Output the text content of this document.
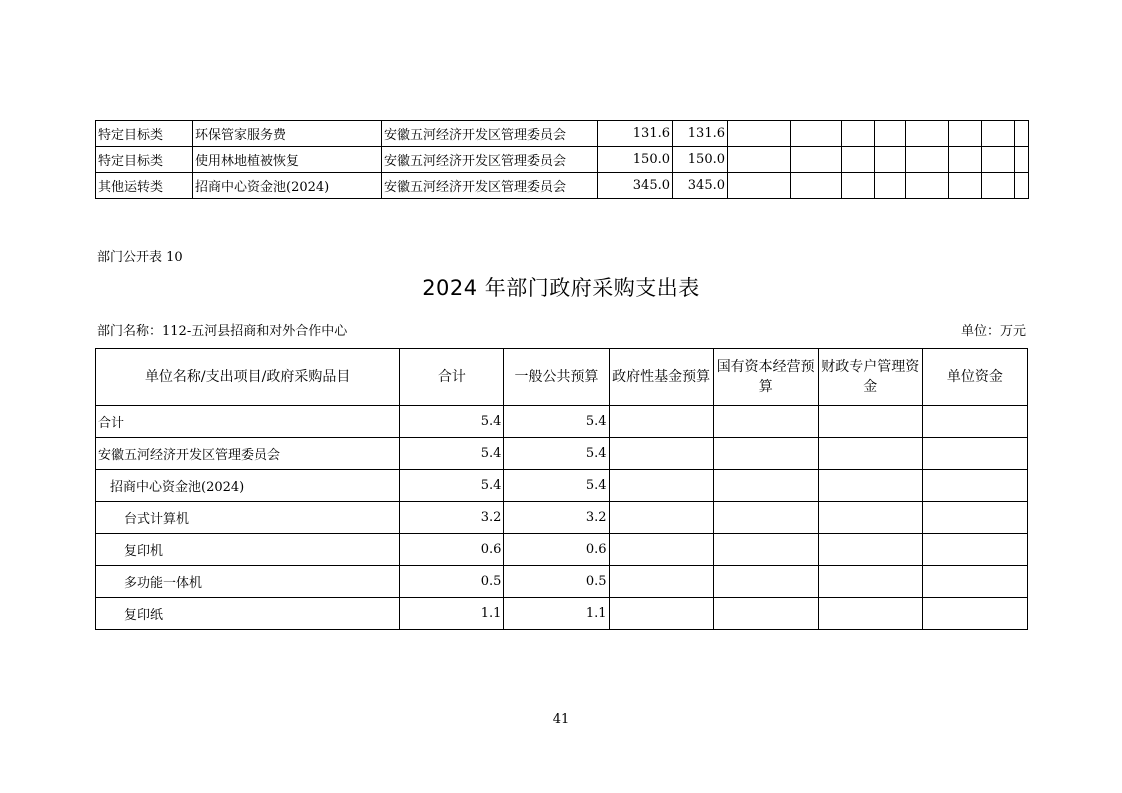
特定目标类	环保管家服务费	安徽五河经济开发区管理委员会	131.6	131.6								
特定目标类	使用林地植被恢复	安徽五河经济开发区管理委员会	150.0	150.0								
其他运转类	招商中心资金池(2024)	安徽五河经济开发区管理委员会	345.0	345.0								
部门公开表 10
2024 年部门政府采购支出表
部门名称：112-五河县招商和对外合作中心	单位：万元
单位名称/支出项目/政府采购品目	合计	一般公共预算	政府性基金预算	国有资本经营预算	财政专户管理资金	单位资金
合计	5.4	5.4				
安徽五河经济开发区管理委员会	5.4	5.4				
招商中心资金池(2024)	5.4	5.4				
台式计算机	3.2	3.2				
复印机	0.6	0.6				
多功能一体机	0.5	0.5				
复印纸	1.1	1.1				
41
